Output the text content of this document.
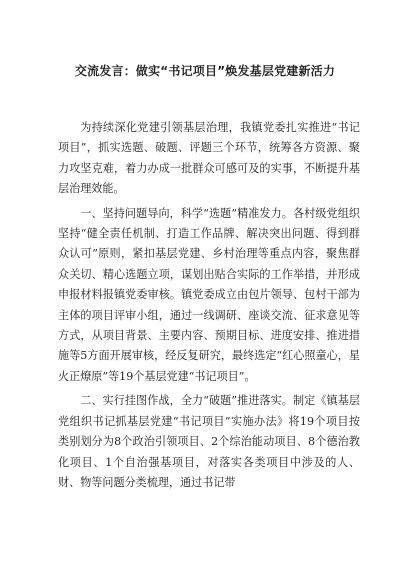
交流发言：做实“书记项目”焕发基层党建新活力

为持续深化党建引领基层治理，我镇党委扎实推进“书记项目”，抓实选题、破题、评题三个环节，统筹各方资源、聚力攻坚克难，着力办成一批群众可感可及的实事，不断提升基层治理效能。

一、坚持问题导向，科学“选题”精准发力。各村级党组织坚持“健全责任机制、打造工作品牌、解决突出问题、得到群众认可”原则，紧扣基层党建、乡村治理等重点内容，聚焦群众关切、精心选题立项，谋划出贴合实际的工作举措，并形成申报材料报镇党委审核。镇党委成立由包片领导、包村干部为主体的项目评审小组，通过一线调研、座谈交流、征求意见等方式，从项目背景、主要内容、预期目标、进度安排、推进措施等5方面开展审核，经反复研究，最终选定“红心照童心，星火正燎原”等19个基层党建“书记项目”。

二、实行挂图作战，全力“破题”推进落实。制定《镇基层党组织书记抓基层党建“书记项目”实施办法》将19个项目按类别划分为8个政治引领项目、2个综治能动项目、8个德治教化项目、1个自治强基项目，对落实各类项目中涉及的人、财、物等问题分类梳理，通过书记带
